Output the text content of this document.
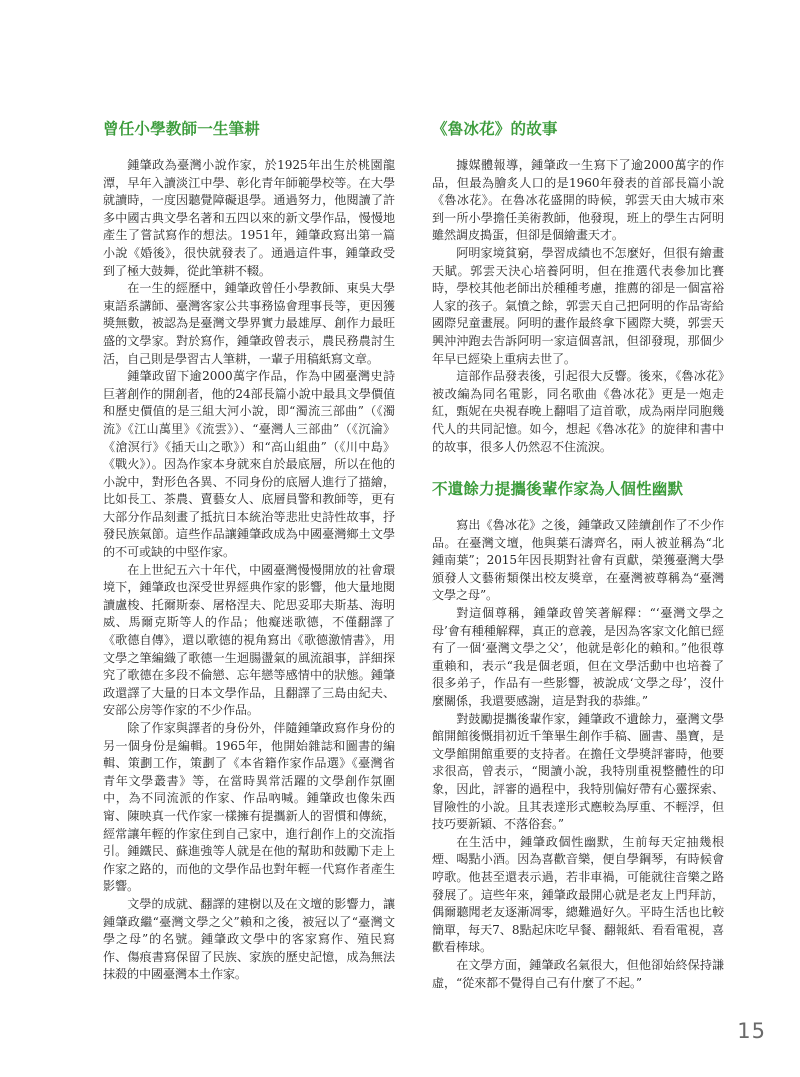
曾任小學教師一生筆耕

鍾肇政為臺灣小說作家，於1925年出生於桃園龍潭，早年入讀淡江中學、彰化青年師範學校等。在大學就讀時，一度因聽覺障礙退學。通過努力，他閱讀了許多中國古典文學名著和五四以來的新文學作品，慢慢地產生了嘗試寫作的想法。1951年，鍾肇政寫出第一篇小說《婚後》，很快就發表了。通過這件事，鍾肇政受到了極大鼓舞，從此筆耕不輟。

在一生的經歷中，鍾肇政曾任小學教師、東吳大學東語系講師、臺灣客家公共事務協會理事長等，更因獲獎無數，被認為是臺灣文學界實力最雄厚、創作力最旺盛的文學家。對於寫作，鍾肇政曾表示，農民務農討生活，自己則是學習古人筆耕，一輩子用稿紙寫文章。

鍾肇政留下逾2000萬字作品，作為中國臺灣史詩巨著創作的開創者，他的24部長篇小說中最具文學價值和歷史價值的是三組大河小說，即“濁流三部曲”（《濁流》《江山萬里》《流雲》）、“臺灣人三部曲”（《沉淪》《滄溟行》《插天山之歌》）和“高山組曲”（《川中島》《戰火》）。因為作家本身就來自於最底層，所以在他的小說中，對形色各異、不同身份的底層人進行了描繪，比如長工、茶農、賣藝女人、底層員警和教師等，更有大部分作品刻畫了抵抗日本統治等悲壯史詩性故事，抒發民族氣節。這些作品讓鍾肇政成為中國臺灣鄉土文學的不可或缺的中堅作家。

在上世紀五六十年代，中國臺灣慢慢開放的社會環境下，鍾肇政也深受世界經典作家的影響，他大量地閱讀盧梭、托爾斯泰、屠格涅夫、陀思妥耶夫斯基、海明威、馬爾克斯等人的作品；他癡迷歌德，不僅翻譯了《歌德自傳》，還以歌德的視角寫出《歌德激情書》，用文學之筆編織了歌德一生迴腸盪氣的風流韻事，詳細探究了歌德在多段不倫戀、忘年戀等感情中的狀態。鍾肇政還譯了大量的日本文學作品，且翻譯了三島由紀夫、安部公房等作家的不少作品。

除了作家與譯者的身份外，伴隨鍾肇政寫作身份的另一個身份是編輯。1965年，他開始雜誌和圖書的編輯、策劃工作，策劃了《本省籍作家作品選》《臺灣省青年文學叢書》等，在當時異常活躍的文學創作氛圍中，為不同流派的作家、作品吶喊。鍾肇政也像朱西甯、陳映真一代作家一樣擁有提攜新人的習慣和傳統，經常讓年輕的作家住到自己家中，進行創作上的交流指引。鍾鐵民、蘇進強等人就是在他的幫助和鼓勵下走上作家之路的，而他的文學作品也對年輕一代寫作者產生影響。

文學的成就、翻譯的建樹以及在文壇的影響力，讓鍾肇政繼“臺灣文學之父”賴和之後，被冠以了“臺灣文學之母”的名號。鍾肇政文學中的客家寫作、殖民寫作、傷痕書寫保留了民族、家族的歷史記憶，成為無法抹殺的中國臺灣本土作家。

《魯冰花》的故事

據媒體報導，鍾肇政一生寫下了逾2000萬字的作品，但最為膾炙人口的是1960年發表的首部長篇小說《魯冰花》。在魯冰花盛開的時候，郭雲天由大城市來到一所小學擔任美術教師，他發現，班上的學生古阿明雖然調皮搗蛋，但卻是個繪畫天才。

阿明家境貧窮，學習成績也不怎麼好，但很有繪畫天賦。郭雲天決心培養阿明，但在推選代表參加比賽時，學校其他老師出於種種考慮，推薦的卻是一個富裕人家的孩子。氣憤之餘，郭雲天自己把阿明的作品寄給國際兒童畫展。阿明的畫作最終拿下國際大獎，郭雲天興沖沖跑去告訴阿明一家這個喜訊，但卻發現，那個少年早已經染上重病去世了。

這部作品發表後，引起很大反響。後來，《魯冰花》被改編為同名電影，同名歌曲《魯冰花》更是一炮走紅，甄妮在央視春晚上翻唱了這首歌，成為兩岸同胞幾代人的共同記憶。如今，想起《魯冰花》的旋律和書中的故事，很多人仍然忍不住流淚。

不遺餘力提攜後輩作家為人個性幽默

寫出《魯冰花》之後，鍾肇政又陸續創作了不少作品。在臺灣文壇，他與葉石濤齊名，兩人被並稱為“北鍾南葉”；2015年因長期對社會有貢獻，榮獲臺灣大學頒發人文藝術類傑出校友獎章，在臺灣被尊稱為“臺灣文學之母”。

對這個尊稱，鍾肇政曾笑著解釋：“‘臺灣文學之母’會有種種解釋，真正的意義，是因為客家文化館已經有了一個‘臺灣文學之父’，他就是彰化的賴和。”他很尊重賴和，表示“我是個老頭，但在文學活動中也培養了很多弟子，作品有一些影響，被說成‘文學之母’，沒什麼關係，我還要感謝，這是對我的恭維。”

對鼓勵提攜後輩作家，鍾肇政不遺餘力，臺灣文學館開館後慨捐初近千筆畢生創作手稿、圖書、墨寶，是文學館開館重要的支持者。在擔任文學獎評審時，他要求很高，曾表示，“閱讀小說，我特別重視整體性的印象，因此，評審的過程中，我特別偏好帶有心靈探索、冒險性的小說。且其表達形式應較為厚重、不輕浮，但技巧要新穎、不落俗套。”

在生活中，鍾肇政個性幽默，生前每天定抽幾根煙、喝點小酒。因為喜歡音樂，便自學鋼琴，有時候會哼歌。他甚至還表示過，若非車禍，可能就往音樂之路發展了。這些年來，鍾肇政最開心就是老友上門拜訪，偶爾聽聞老友逐漸凋零，總難過好久。平時生活也比較簡單，每天7、8點起床吃早餐、翻報紙、看看電視，喜歡看棒球。

在文學方面，鍾肇政名氣很大，但他卻始終保持謙虛，“從來都不覺得自己有什麼了不起。”

15
